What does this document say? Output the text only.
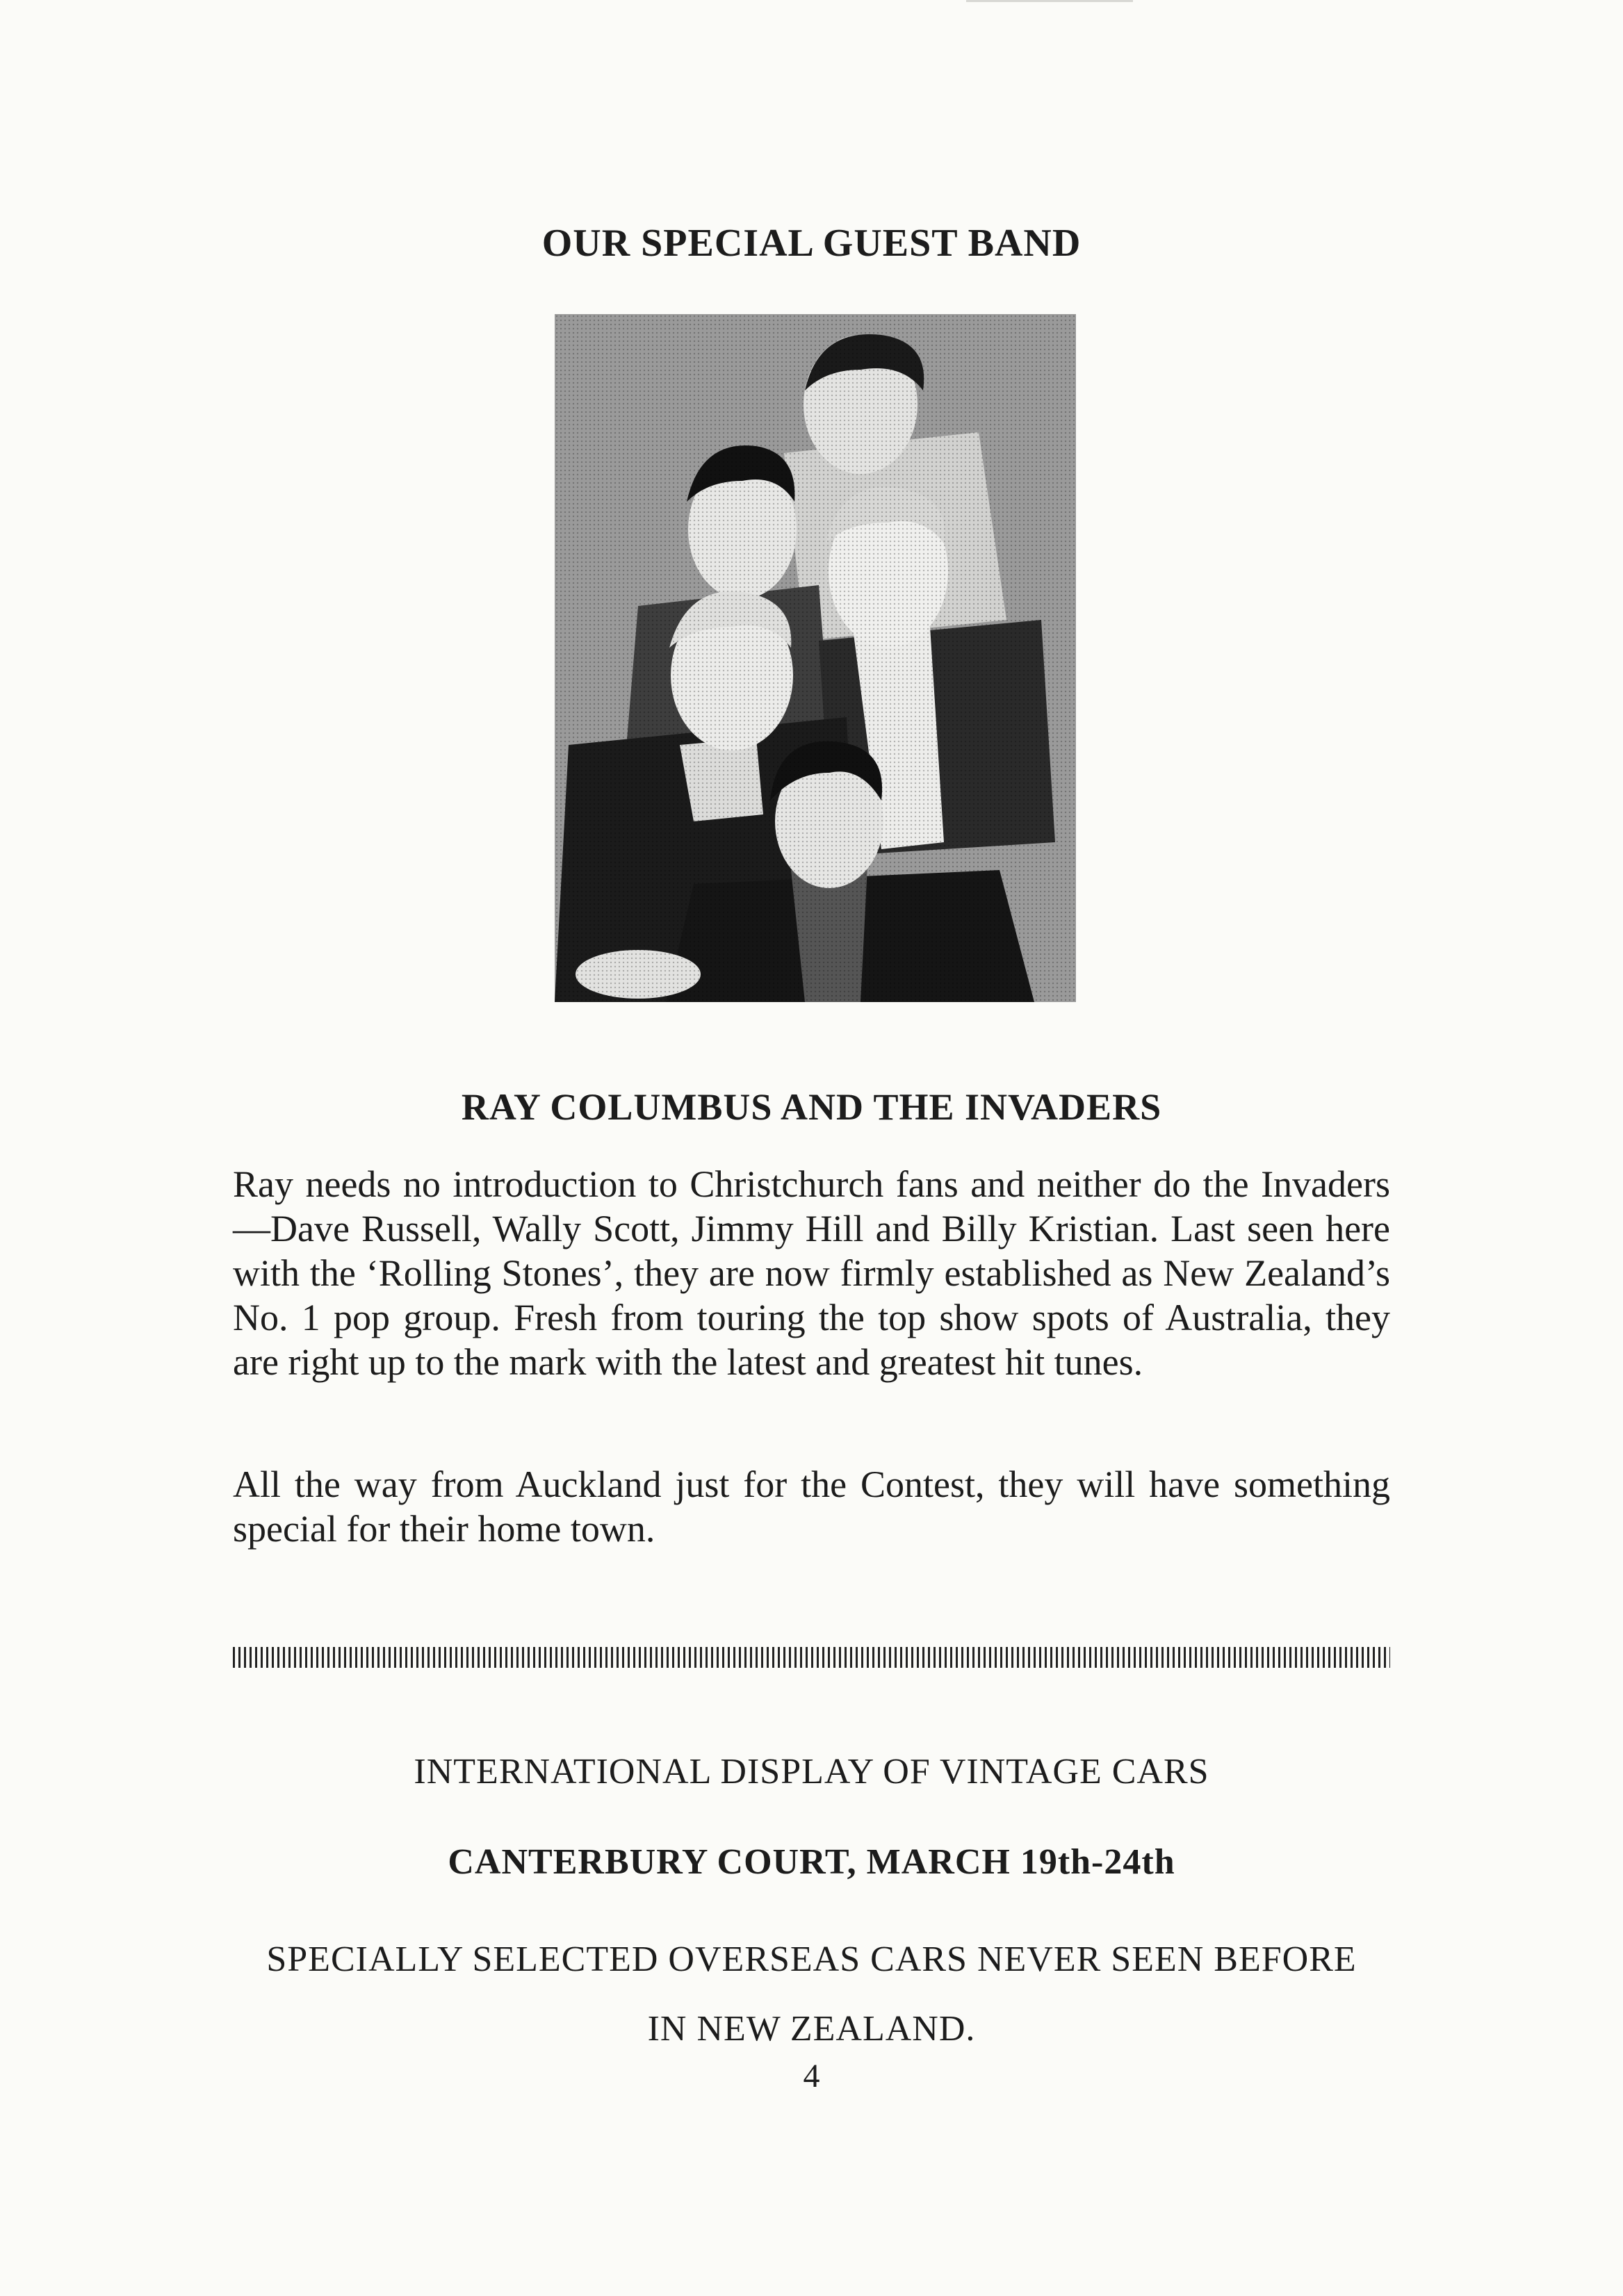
OUR SPECIAL GUEST BAND
RAY COLUMBUS AND THE INVADERS

Ray needs no introduction to Christchurch fans and neither do the Invaders—Dave Russell, Wally Scott, Jimmy Hill and Billy Kristian. Last seen here with the ‘Rolling Stones’, they are now firmly established as New Zealand’s No. 1 pop group. Fresh from touring the top show spots of Australia, they are right up to the mark with the latest and greatest hit tunes.

All the way from Auckland just for the Contest, they will have something special for their home town.

INTERNATIONAL DISPLAY OF VINTAGE CARS
CANTERBURY COURT, MARCH 19th-24th
SPECIALLY SELECTED OVERSEAS CARS NEVER SEEN BEFORE IN NEW ZEALAND.
4
